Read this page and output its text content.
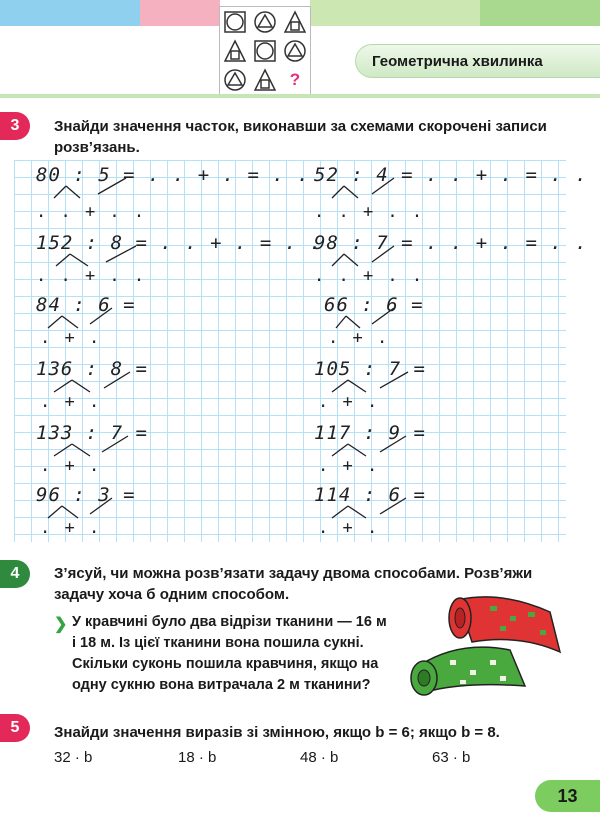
?
Геометрична хвилинка
3	Знайди значення часток, виконавши за схемами скорочені записи розв’язань.
80 : 5 = . . + . = . .
. . + . .
152 : 8 = . . + . = . .
. . + . .
84 : 6 =
. + .
136 : 8 =
. + .
133 : 7 =
. + .
96 : 3 =
. + .
52 : 4 = . . + . = . .
. . + . .
98 : 7 = . . + . = . .
. . + . .
66 : 6 =
. + .
105 : 7 =
. + .
117 : 9 =
. + .
114 : 6 =
. + .
4	З’ясуй, чи можна розв’язати задачу двома способами. Розв’яжи задачу хоча б одним способом.
❯ У кравчині було два відрізи тканини — 16 м і 18 м. Із цієї тканини вона пошила сукні. Скільки суконь пошила кравчиня, якщо на одну сукню вона витрачала 2 м тканини?
5	Знайди значення виразів зі змінною, якщо b = 6; якщо b = 8.
32 · b	18 · b	48 · b	63 · b
13
